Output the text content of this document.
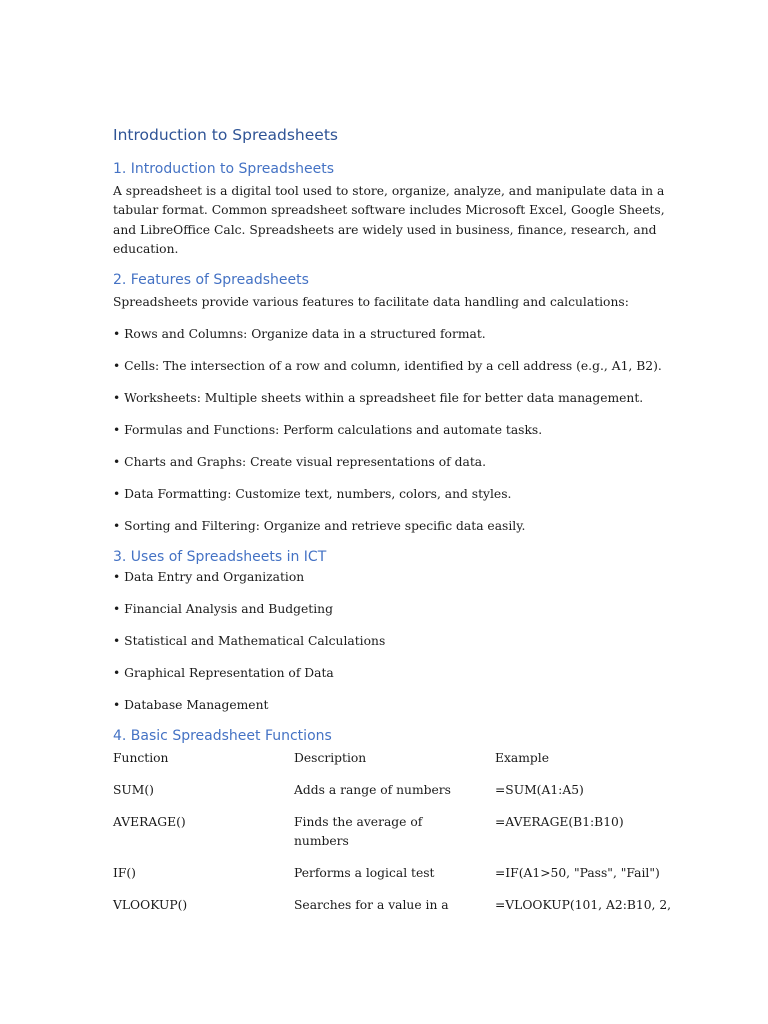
Introduction to Spreadsheets
1. Introduction to Spreadsheets

A spreadsheet is a digital tool used to store, organize, analyze, and manipulate data in a tabular format. Common spreadsheet software includes Microsoft Excel, Google Sheets, and LibreOffice Calc. Spreadsheets are widely used in business, finance, research, and education.

2. Features of Spreadsheets

Spreadsheets provide various features to facilitate data handling and calculations:

• Rows and Columns: Organize data in a structured format.

• Cells: The intersection of a row and column, identified by a cell address (e.g., A1, B2).

• Worksheets: Multiple sheets within a spreadsheet file for better data management.

• Formulas and Functions: Perform calculations and automate tasks.

• Charts and Graphs: Create visual representations of data.

• Data Formatting: Customize text, numbers, colors, and styles.

• Sorting and Filtering: Organize and retrieve specific data easily.

3. Uses of Spreadsheets in ICT

• Data Entry and Organization

• Financial Analysis and Budgeting

• Statistical and Mathematical Calculations

• Graphical Representation of Data

• Database Management

4. Basic Spreadsheet Functions
Function	Description	Example
SUM()	Adds a range of numbers	=SUM(A1:A5)
AVERAGE()	Finds the average of numbers	=AVERAGE(B1:B10)
IF()	Performs a logical test	=IF(A1>50, "Pass", "Fail")
VLOOKUP()	Searches for a value in a	=VLOOKUP(101, A2:B10, 2,
